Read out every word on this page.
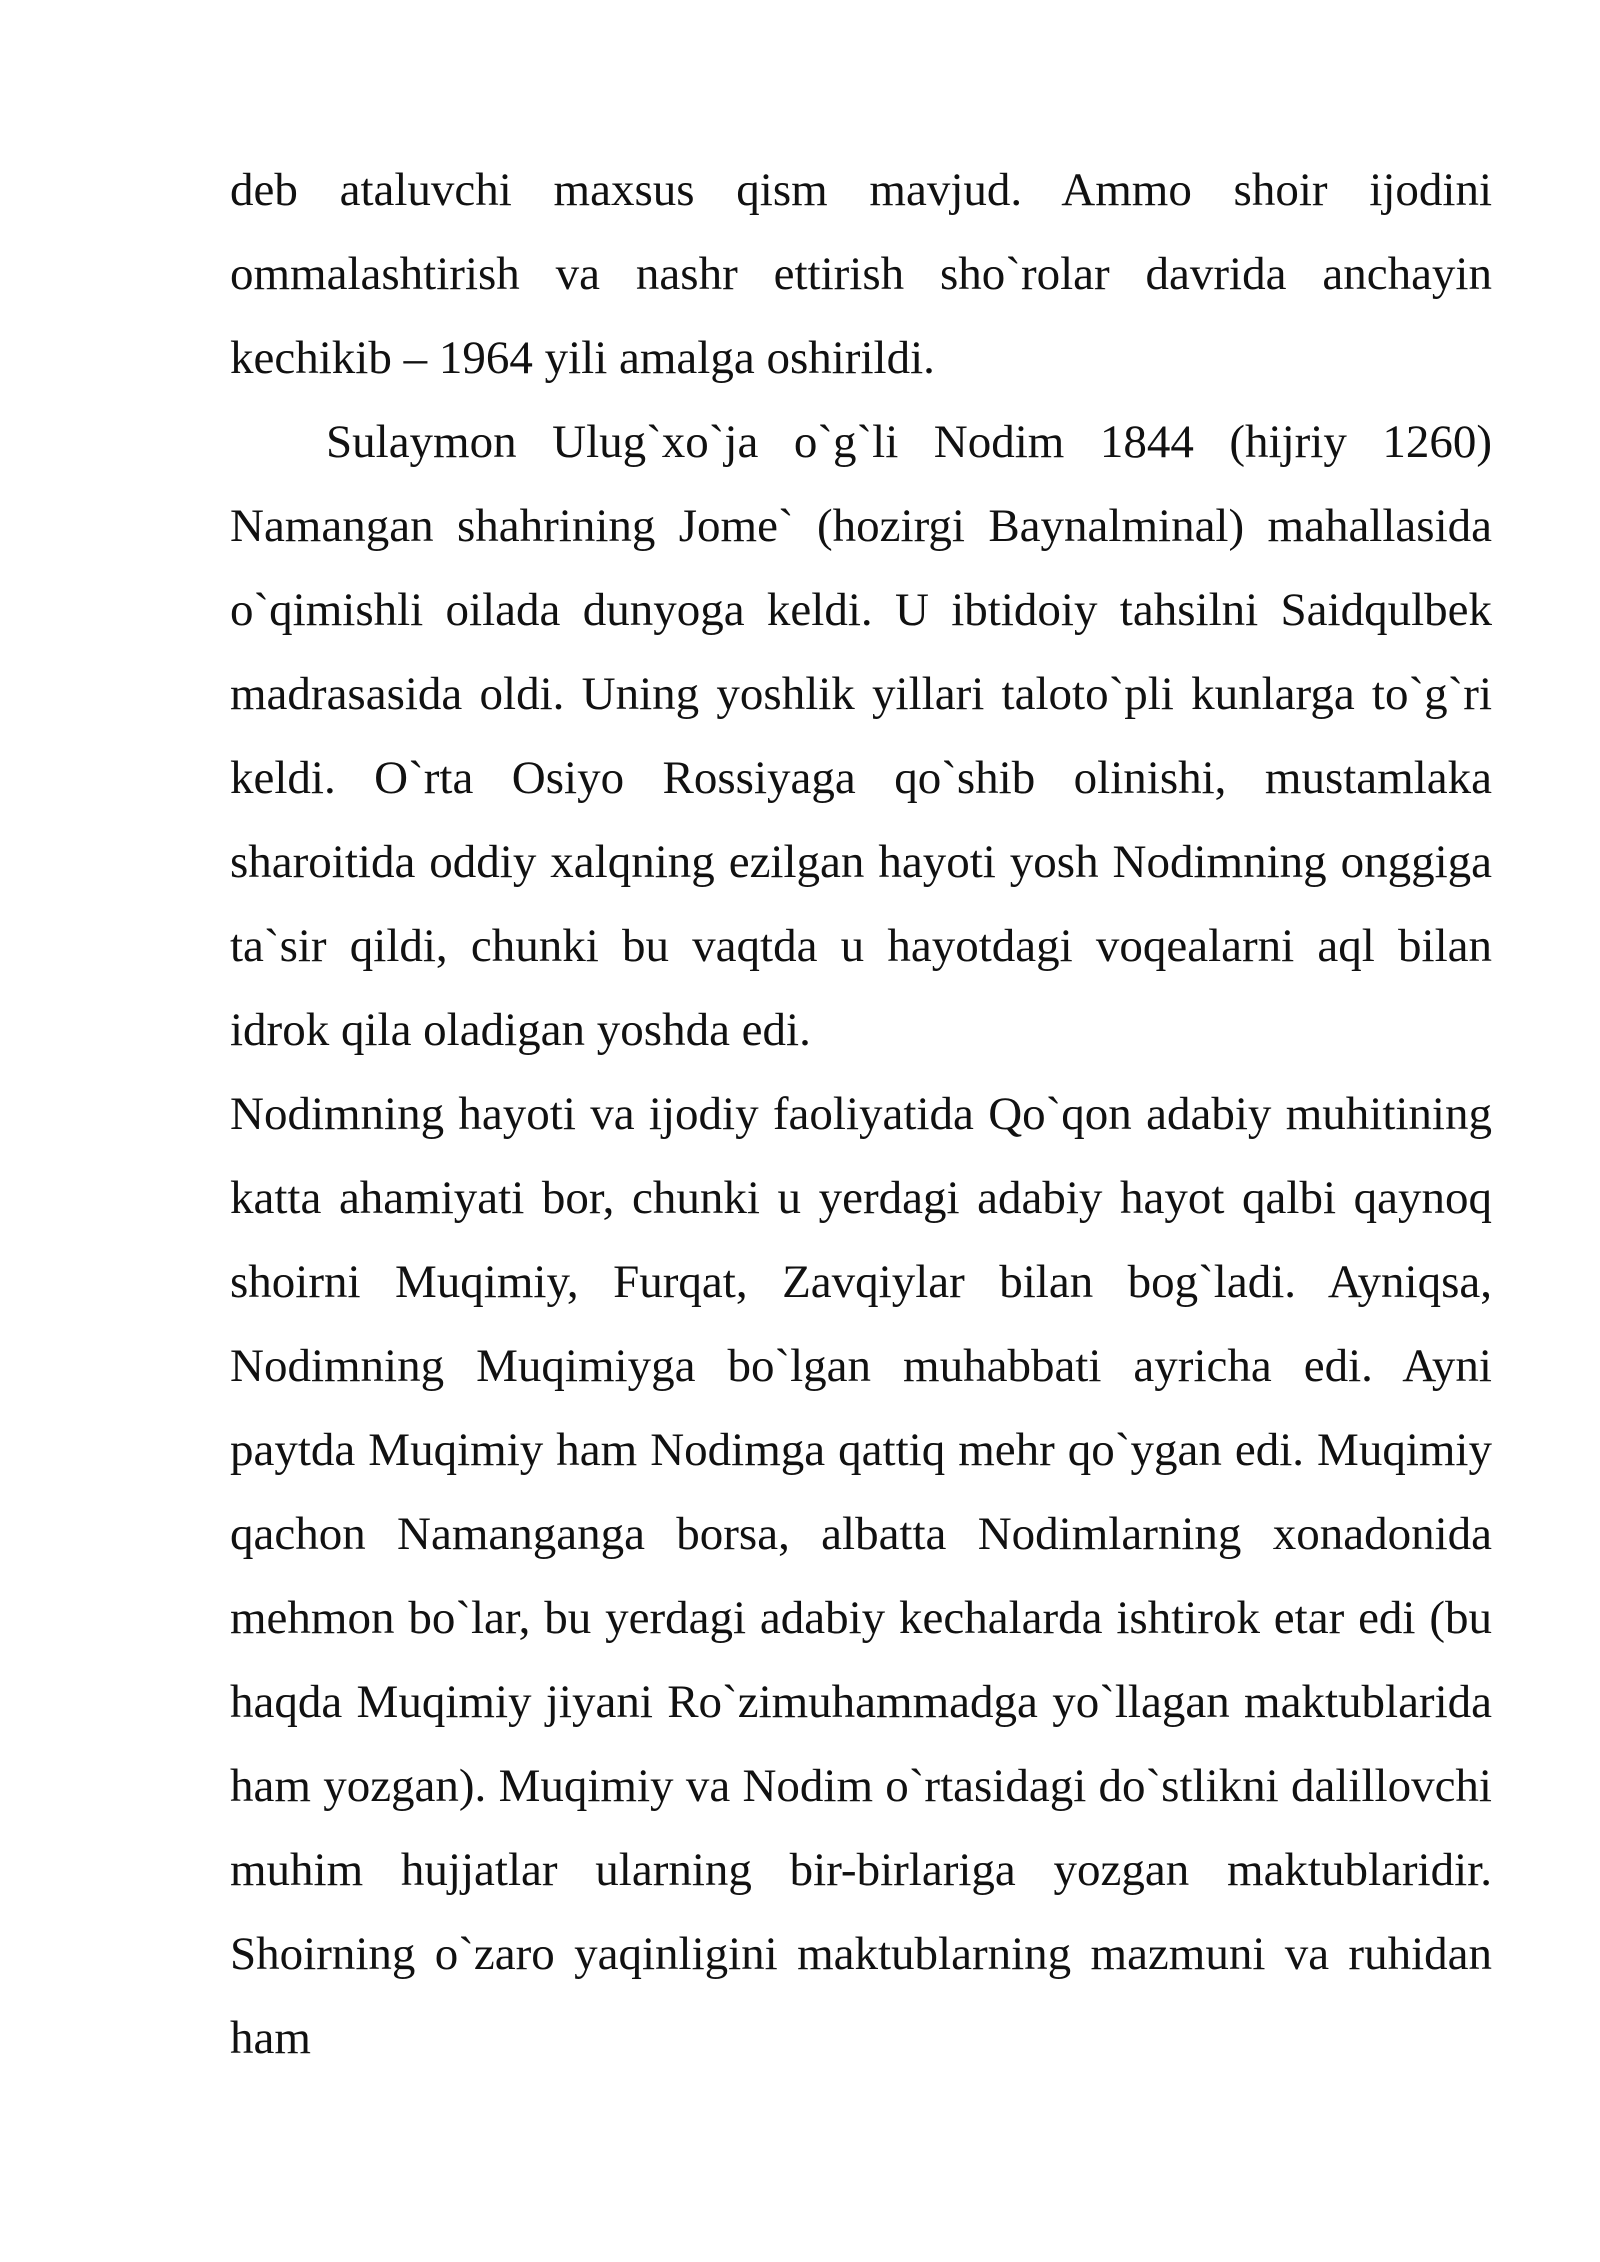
deb ataluvchi maxsus qism mavjud. Ammo shoir ijodini ommalashtirish va nashr ettirish sho`rolar davrida anchayin kechikib – 1964 yili amalga oshirildi.

Sulaymon Ulug`xo`ja o`g`li Nodim 1844 (hijriy 1260) Namangan shahrining Jome` (hozirgi Baynalminal) mahallasida o`qimishli oilada dunyoga keldi. U ibtidoiy tahsilni Saidqulbek madrasasida oldi. Uning yoshlik yillari taloto`pli kunlarga to`g`ri keldi. O`rta Osiyo Rossiyaga qo`shib olinishi, mustamlaka sharoitida oddiy xalqning ezilgan hayoti yosh Nodimning onggiga ta`sir qildi, chunki bu vaqtda u hayotdagi voqealarni aql bilan idrok qila oladigan yoshda edi.

Nodimning hayoti va ijodiy faoliyatida Qo`qon adabiy muhitining katta ahamiyati bor, chunki u yerdagi adabiy hayot qalbi qaynoq shoirni Muqimiy, Furqat, Zavqiylar bilan bog`ladi. Ayniqsa, Nodimning Muqimiyga bo`lgan muhabbati ayricha edi. Ayni paytda Muqimiy ham Nodimga qattiq mehr qo`ygan edi. Muqimiy qachon Namanganga borsa, albatta Nodimlarning xonadonida mehmon bo`lar, bu yerdagi adabiy kechalarda ishtirok etar edi (bu haqda Muqimiy jiyani Ro`zimuhammadga yo`llagan maktublarida ham yozgan). Muqimiy va Nodim o`rtasidagi do`stlikni dalillovchi muhim hujjatlar ularning bir-birlariga yozgan maktublaridir. Shoirning o`zaro yaqinligini maktublarning mazmuni va ruhidan ham
